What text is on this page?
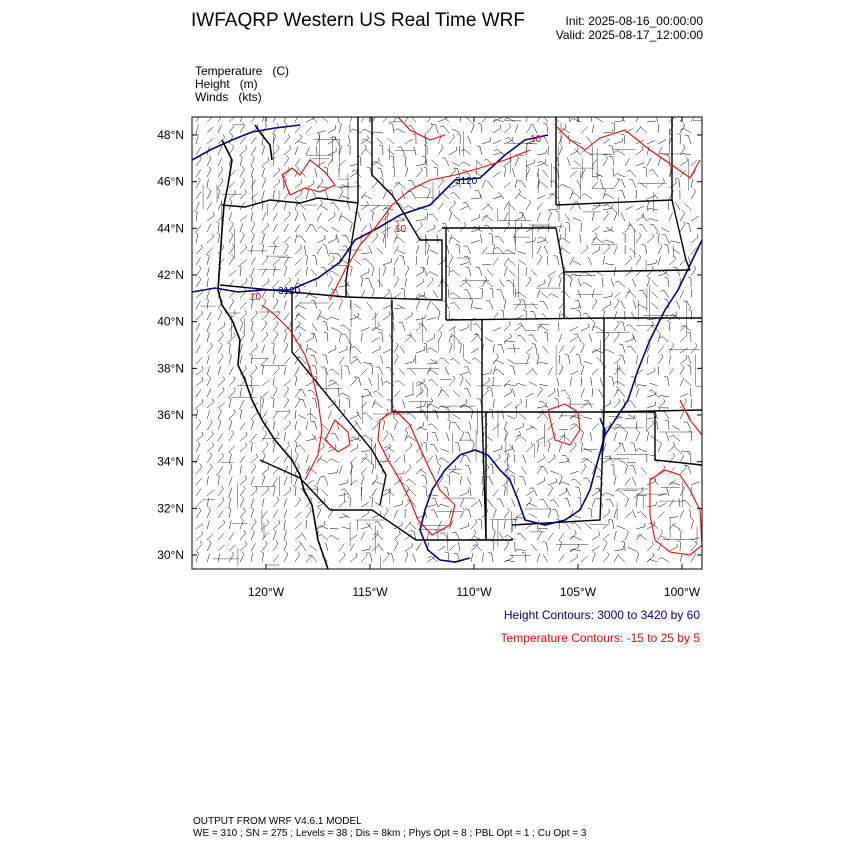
IWFAQRP Western US Real Time WRF	Init: 2025-08-16_00:00:00
Valid: 2025-08-17_12:00:00
Temperature   (C)
Height   (m)
Winds   (kts)
3120
3120
10
10
10
48°N
46°N
44°N
42°N
40°N
38°N
36°N
34°N
32°N
30°N
120°W	115°W	110°W	105°W	100°W
Height Contours: 3000 to 3420 by 60
Temperature Contours: -15 to 25 by 5
OUTPUT FROM WRF V4.6.1 MODEL
WE = 310 ; SN = 275 ; Levels = 38 ; Dis = 8km ; Phys Opt = 8 ; PBL Opt = 1 ; Cu Opt = 3
